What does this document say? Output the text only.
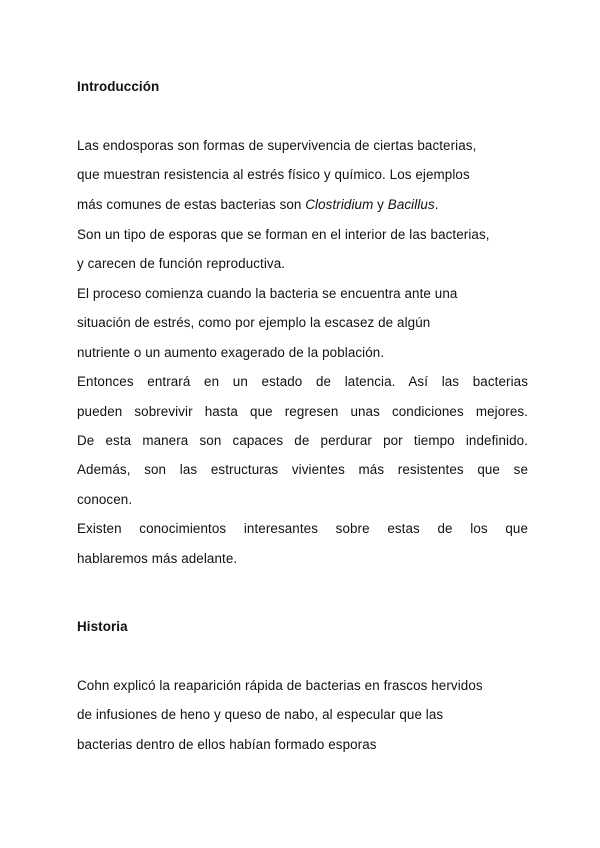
Introducción
Las endosporas son formas de supervivencia de ciertas bacterias,
que muestran resistencia al estrés físico y químico. Los ejemplos
más comunes de estas bacterias son Clostridium y Bacillus.
Son un tipo de esporas que se forman en el interior de las bacterias,
y carecen de función reproductiva.
El proceso comienza cuando la bacteria se encuentra ante una
situación de estrés, como por ejemplo la escasez de algún
nutriente o un aumento exagerado de la población.
Entonces entrará en un estado de latencia. Así las bacterias
pueden sobrevivir hasta que regresen unas condiciones mejores.
De esta manera son capaces de perdurar por tiempo indefinido.
Además, son las estructuras vivientes más resistentes que se
conocen.
Existen conocimientos interesantes sobre estas de los que
hablaremos más adelante.
Historia
Cohn explicó la reaparición rápida de bacterias en frascos hervidos
de infusiones de heno y queso de nabo, al especular que las
bacterias dentro de ellos habían formado esporas
